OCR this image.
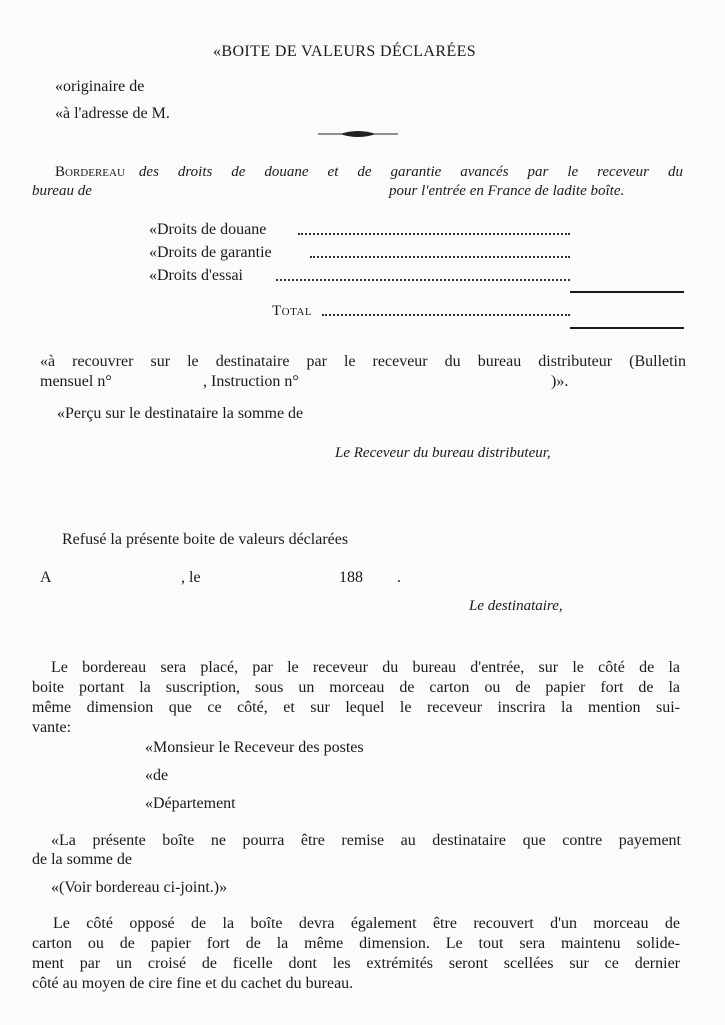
«BOITE DE VALEURS DÉCLARÉES
«originaire de
«à l'adresse de M.
Bordereau des droits de douane et de garantie avancés par le receveur du
bureau de	pour l'entrée en France de ladite boîte.
«Droits de douane
«Droits de garantie
«Droits d'essai
Total
«à recouvrer sur le destinataire par le receveur du bureau distributeur (Bulletin
mensuel n°	, Instruction n°	)».
«Perçu sur le destinataire la somme de
Le Receveur du bureau distributeur,
Refusé la présente boite de valeurs déclarées
A	, le	188 .
Le destinataire,
Le bordereau sera placé, par le receveur du bureau d'entrée, sur le côté de la
boite portant la suscription, sous un morceau de carton ou de papier fort de la
même dimension que ce côté, et sur lequel le receveur inscrira la mention sui-
vante:
«Monsieur le Receveur des postes
«de
«Département
«La présente boîte ne pourra être remise au destinataire que contre payement
de la somme de
«(Voir bordereau ci-joint.)»
Le côté opposé de la boîte devra également être recouvert d'un morceau de
carton ou de papier fort de la même dimension. Le tout sera maintenu solide-
ment par un croisé de ficelle dont les extrémités seront scellées sur ce dernier
côté au moyen de cire fine et du cachet du bureau.
